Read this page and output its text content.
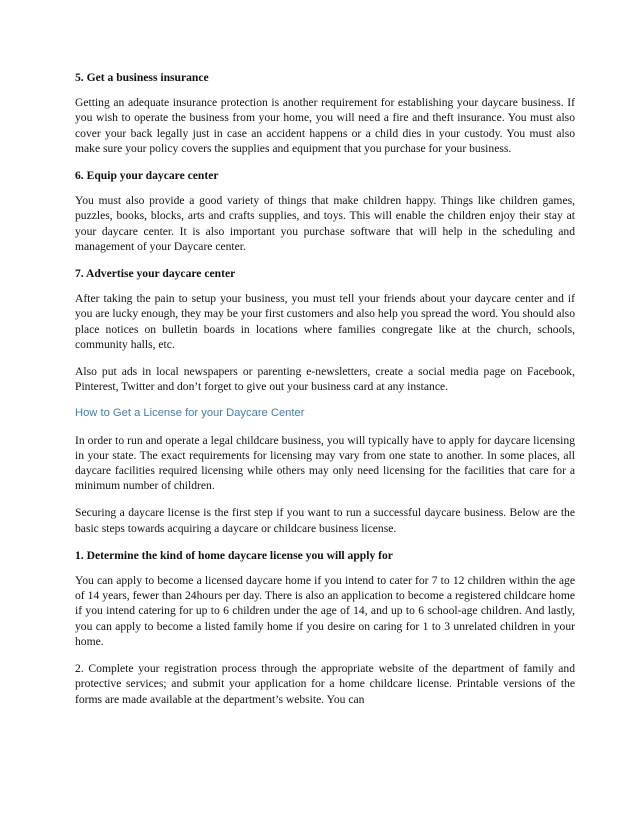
5. Get a business insurance
Getting an adequate insurance protection is another requirement for establishing your daycare business. If you wish to operate the business from your home, you will need a fire and theft insurance. You must also cover your back legally just in case an accident happens or a child dies in your custody. You must also make sure your policy covers the supplies and equipment that you purchase for your business.
6. Equip your daycare center
You must also provide a good variety of things that make children happy. Things like children games, puzzles, books, blocks, arts and crafts supplies, and toys. This will enable the children enjoy their stay at your daycare center. It is also important you purchase software that will help in the scheduling and management of your Daycare center.
7. Advertise your daycare center
After taking the pain to setup your business, you must tell your friends about your daycare center and if you are lucky enough, they may be your first customers and also help you spread the word. You should also place notices on bulletin boards in locations where families congregate like at the church, schools, community halls, etc.
Also put ads in local newspapers or parenting e-newsletters, create a social media page on Facebook, Pinterest, Twitter and don’t forget to give out your business card at any instance.
How to Get a License for your Daycare Center
In order to run and operate a legal childcare business, you will typically have to apply for daycare licensing in your state. The exact requirements for licensing may vary from one state to another. In some places, all daycare facilities required licensing while others may only need licensing for the facilities that care for a minimum number of children.
Securing a daycare license is the first step if you want to run a successful daycare business. Below are the basic steps towards acquiring a daycare or childcare business license.
1. Determine the kind of home daycare license you will apply for
You can apply to become a licensed daycare home if you intend to cater for 7 to 12 children within the age of 14 years, fewer than 24hours per day. There is also an application to become a registered childcare home if you intend catering for up to 6 children under the age of 14, and up to 6 school-age children. And lastly, you can apply to become a listed family home if you desire on caring for 1 to 3 unrelated children in your home.
2. Complete your registration process through the appropriate website of the department of family and protective services; and submit your application for a home childcare license. Printable versions of the forms are made available at the department’s website. You can
